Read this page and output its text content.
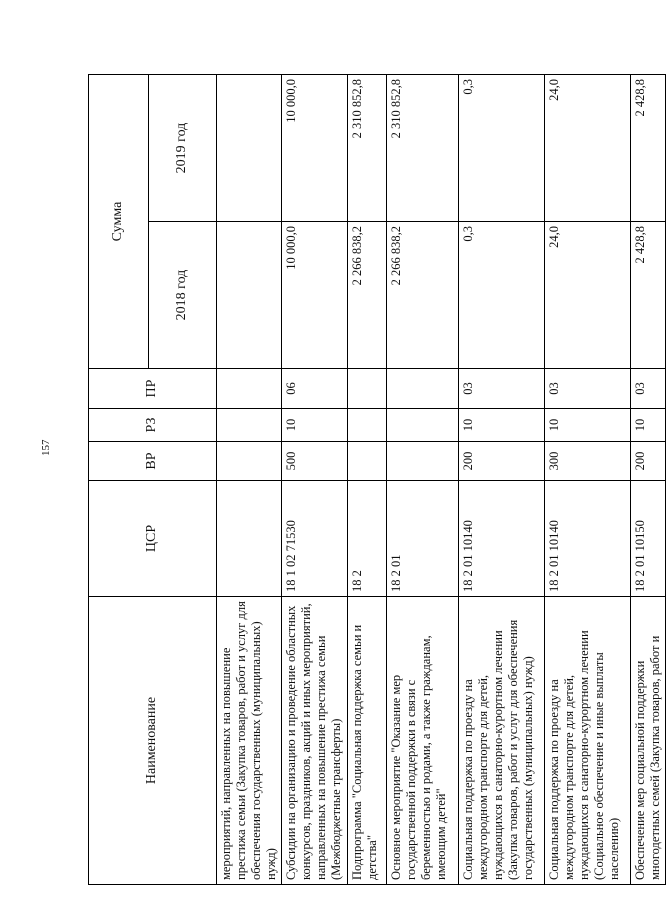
157
Наименование	ЦСР	ВР	РЗ	ПР	Сумма	
					2018 год	2019 год
мероприятий, направленных на повышение престижа семьи (Закупка товаров, работ и услуг для обеспечения государственных (муниципальных) нужд)						
Субсидии на организацию и проведение областных конкурсов, праздников, акций и иных мероприятий, направленных на повышение престижа семьи (Межбюджетные трансферты)	18 1 02 71530	500	10	06	10 000,0	10 000,0
Подпрограмма "Социальная поддержка семьи и детства"	18 2				2 266 838,2	2 310 852,8
Основное мероприятие "Оказание мер государственной поддержки в связи с беременностью и родами, а также гражданам, имеющим детей"	18 2 01				2 266 838,2	2 310 852,8
Социальная поддержка по проезду на междугородном транспорте для детей, нуждающихся в санаторно-курортном лечении (Закупка товаров, работ и услуг для обеспечения государственных (муниципальных) нужд)	18 2 01 10140	200	10	03	0,3	0,3
Социальная поддержка по проезду на междугородном транспорте для детей, нуждающихся в санаторно-курортном лечении (Социальное обеспечение и иные выплаты населению)	18 2 01 10140	300	10	03	24,0	24,0
Обеспечение мер социальной поддержки многодетных семей (Закупка товаров, работ и	18 2 01 10150	200	10	03	2 428,8	2 428,8
